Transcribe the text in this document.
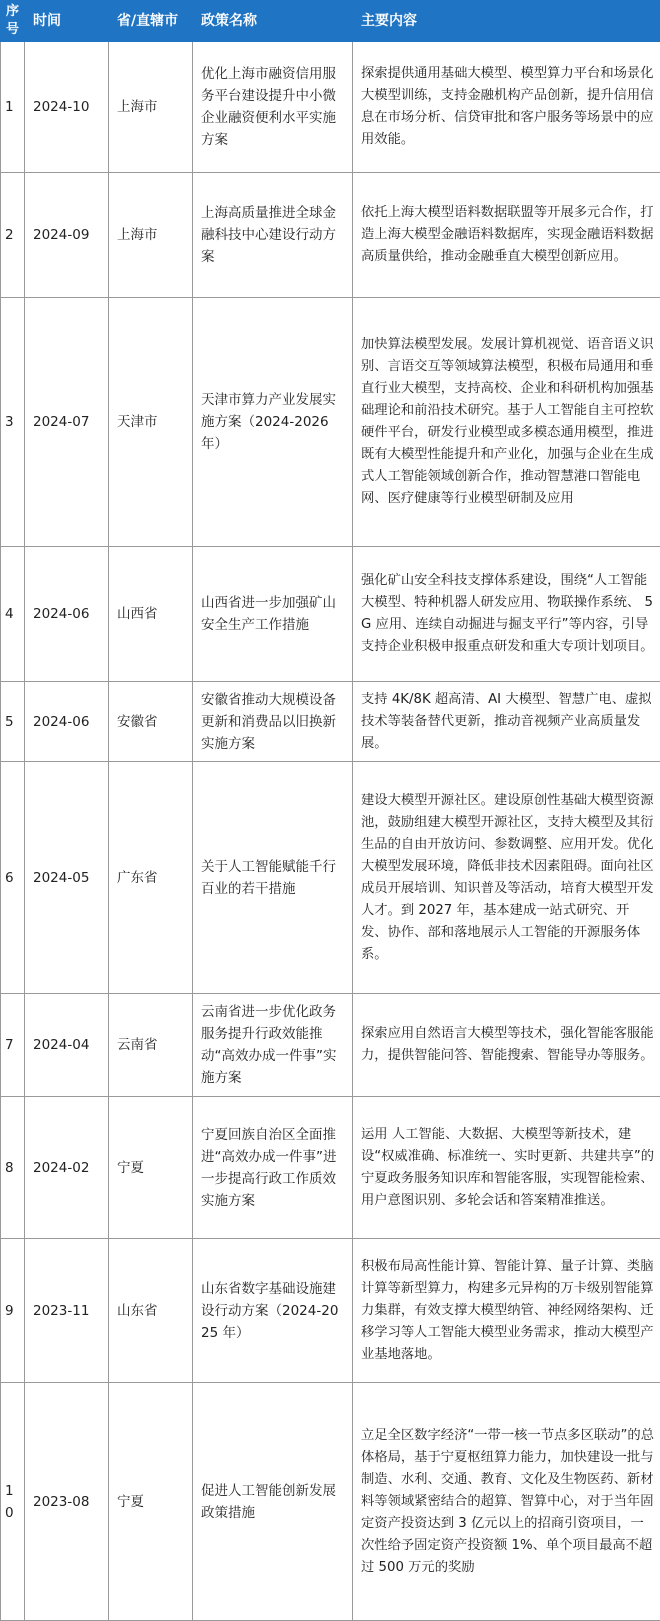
序号	时间	省/直辖市	政策名称	主要内容
1	2024-10	上海市	优化上海市融资信用服务平台建设提升中小微企业融资便利水平实施方案	探索提供通用基础大模型、模型算力平台和场景化大模型训练，支持金融机构产品创新，提升信用信息在市场分析、信贷审批和客户服务等场景中的应用效能。
2	2024-09	上海市	上海高质量推进全球金融科技中心建设行动方案	依托上海大模型语料数据联盟等开展多元合作，打造上海大模型金融语料数据库，实现金融语料数据高质量供给，推动金融垂直大模型创新应用。
3	2024-07	天津市	天津市算力产业发展实施方案（2024-2026年）	加快算法模型发展。发展计算机视觉、语音语义识别、言语交互等领域算法模型，积极布局通用和垂直行业大模型，支持高校、企业和科研机构加强基础理论和前沿技术研究。基于人工智能自主可控软硬件平台，研发行业模型或多模态通用模型，推进既有大模型性能提升和产业化，加强与企业在生成式人工智能领域创新合作，推动智慧港口智能电网、医疗健康等行业模型研制及应用
4	2024-06	山西省	山西省进一步加强矿山安全生产工作措施	强化矿山安全科技支撑体系建设，围绕“人工智能大模型、特种机器人研发应用、物联操作系统、 5G 应用、连续自动掘进与掘支平行”等内容，引导支持企业积极申报重点研发和重大专项计划项目。
5	2024-06	安徽省	安徽省推动大规模设备更新和消费品以旧换新实施方案	支持 4K/8K 超高清、AI 大模型、智慧广电、虚拟技术等装备替代更新，推动音视频产业高质量发展。
6	2024-05	广东省	关于人工智能赋能千行百业的若干措施	建设大模型开源社区。建设原创性基础大模型资源池，鼓励组建大模型开源社区，支持大模型及其衍生品的自由开放访问、参数调整、应用开发。优化大模型发展环境，降低非技术因素阻碍。面向社区成员开展培训、知识普及等活动，培育大模型开发人才。到 2027 年，基本建成一站式研究、开发、协作、部和落地展示人工智能的开源服务体系。
7	2024-04	云南省	云南省进一步优化政务服务提升行政效能推动“高效办成一件事”实施方案	探索应用自然语言大模型等技术，强化智能客服能力，提供智能问答、智能搜索、智能导办等服务。
8	2024-02	宁夏	宁夏回族自治区全面推进“高效办成一件事”进一步提高行政工作质效实施方案	运用 人工智能、大数据、大模型等新技术，建设“权威准确、标准统一、实时更新、共建共享”的宁夏政务服务知识库和智能客服，实现智能检索、用户意图识别、多轮会话和答案精准推送。
9	2023-11	山东省	山东省数字基础设施建设行动方案（2024-2025 年）	积极布局高性能计算、智能计算、量子计算、类脑计算等新型算力，构建多元异构的万卡级别智能算力集群，有效支撑大模型纳管、神经网络架构、迁移学习等人工智能大模型业务需求，推动大模型产业基地落地。
10	2023-08	宁夏	促进人工智能创新发展政策措施	立足全区数字经济“一带一核一节点多区联动”的总体格局，基于宁夏枢纽算力能力，加快建设一批与制造、水利、交通、教育、文化及生物医药、新材料等领域紧密结合的超算、智算中心，对于当年固定资产投资达到 3 亿元以上的招商引资项目，一次性给予固定资产投资额 1%、单个项目最高不超过 500 万元的奖励
